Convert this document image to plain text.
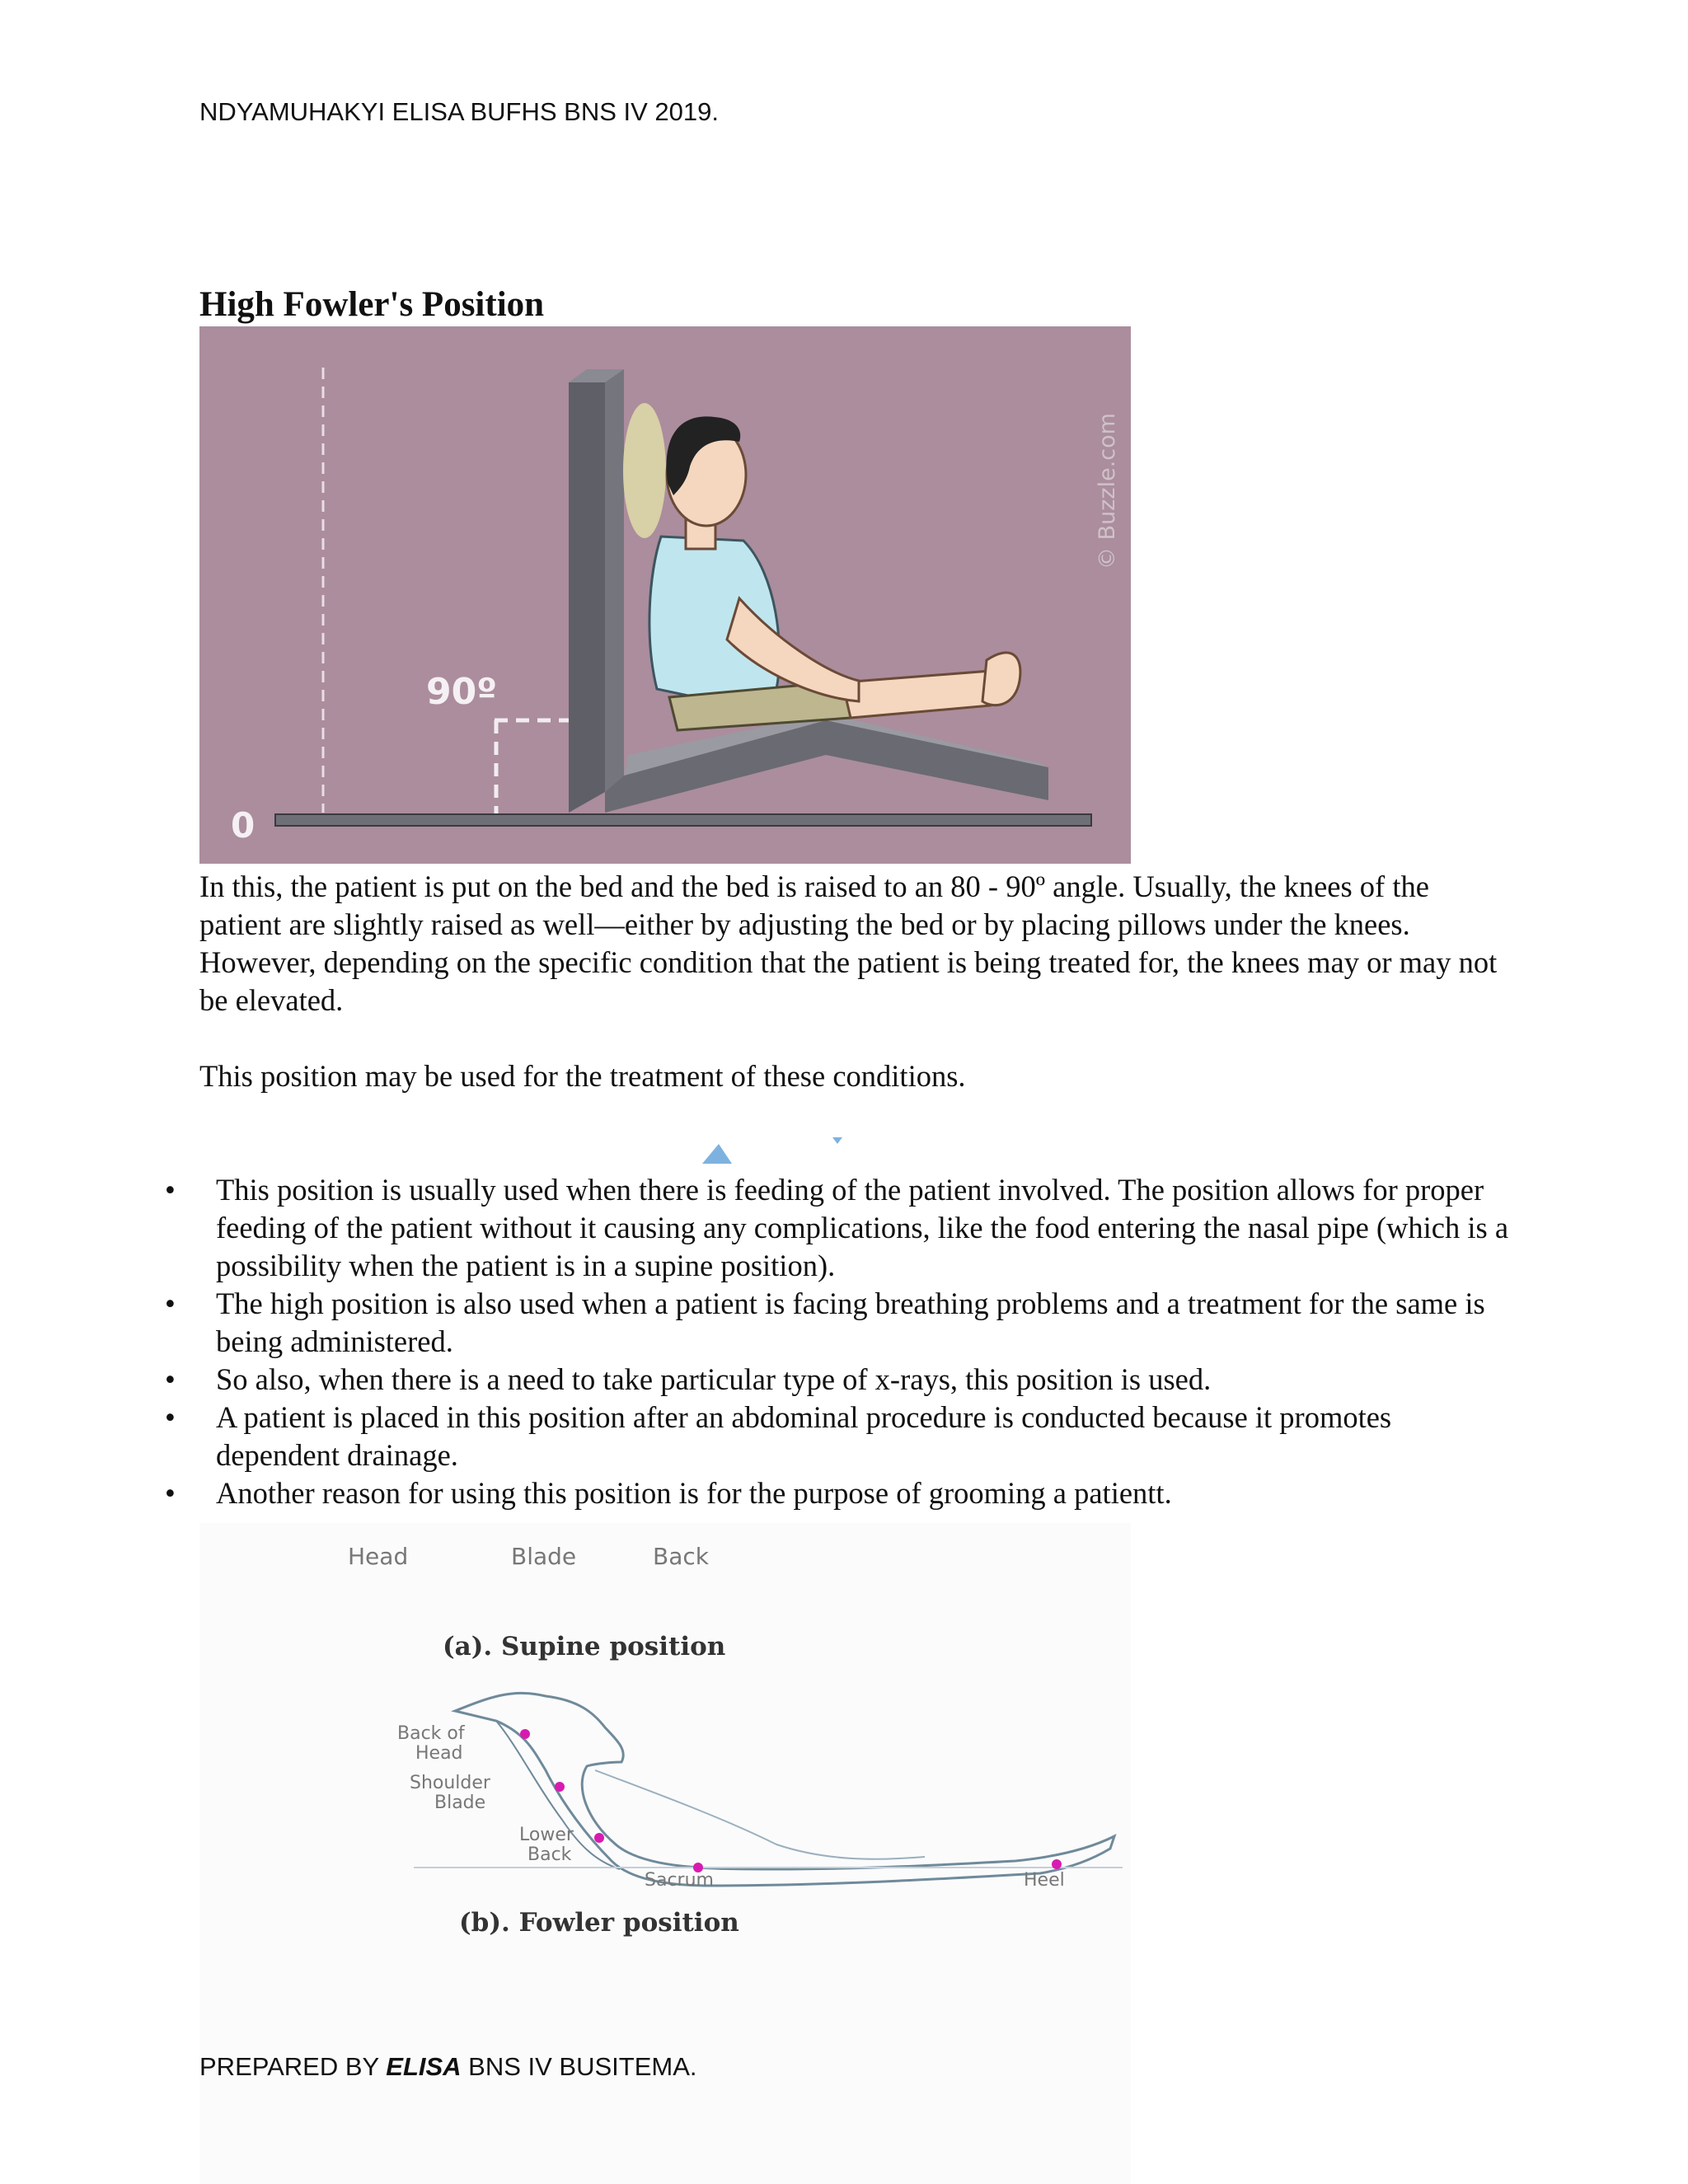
NDYAMUHAKYI ELISA BUFHS BNS IV 2019.
High Fowler's Position
90º
0
© Buzzle.com

In this, the patient is put on the bed and the bed is raised to an 80 - 90º angle. Usually, the knees of the patient are slightly raised as well―either by adjusting the bed or by placing pillows under the knees. However, depending on the specific condition that the patient is being treated for, the knees may or may not be elevated.

This position may be used for the treatment of these conditions.

• This position is usually used when there is feeding of the patient involved. The position allows for proper feeding of the patient without it causing any complications, like the food entering the nasal pipe (which is a possibility when the patient is in a supine position).
• The high position is also used when a patient is facing breathing problems and a treatment for the same is being administered.
• So also, when there is a need to take particular type of x-rays, this position is used.
• A patient is placed in this position after an abdominal procedure is conducted because it promotes dependent drainage.
• Another reason for using this position is for the purpose of grooming a patientt.
Head	Blade	Back
(a). Supine position
Back of
Head
Shoulder
Blade
Lower
Back
Sacrum	Heel
(b). Fowler position
PREPARED BY ELISA BNS IV BUSITEMA.
